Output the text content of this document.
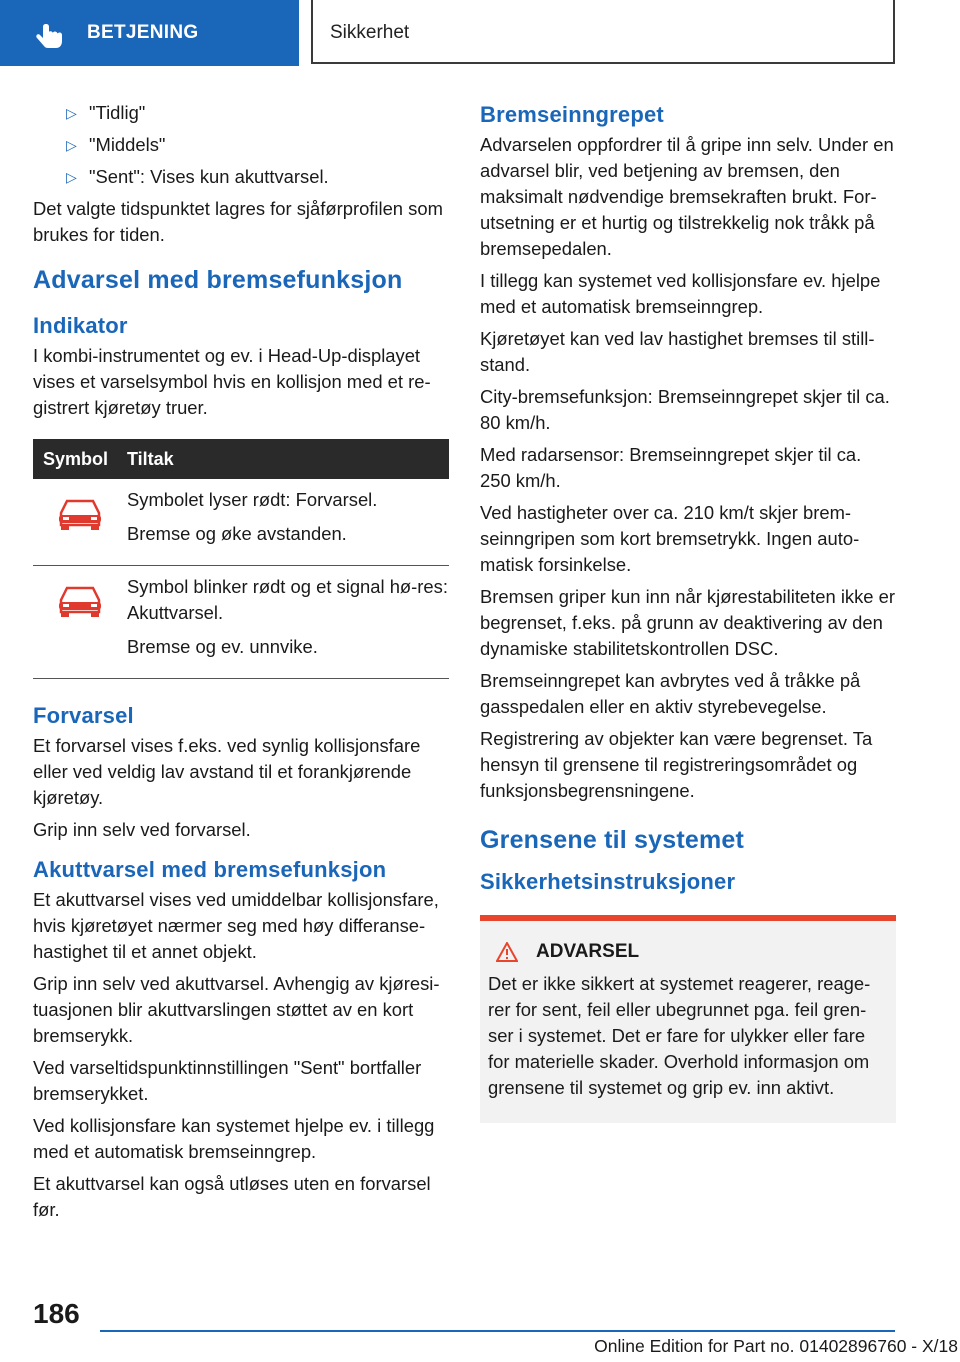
BETJENING	Sikkerhet
▷ "Tidlig"
▷ "Middels"
▷ "Sent": Vises kun akuttvarsel.

Det valgte tidspunktet lagres for sjåførprofilen som brukes for tiden.

Advarsel med bremsefunksjon
Indikator

I kombi-instrumentet og ev. i Head-Up-displayet vises et varselsymbol hvis en kollisjon med et re-gistrert kjøretøy truer.

Symbol	Tiltak

Symbolet lyser rødt: Forvarsel.

Bremse og øke avstanden.

Symbol blinker rødt og et signal hø-res: Akuttvarsel.

Bremse og ev. unnvike.

Forvarsel

Et forvarsel vises f.eks. ved synlig kollisjonsfare eller ved veldig lav avstand til et forankjørende kjøretøy.

Grip inn selv ved forvarsel.

Akuttvarsel med bremsefunksjon

Et akuttvarsel vises ved umiddelbar kollisjonsfare, hvis kjøretøyet nærmer seg med høy differanse-hastighet til et annet objekt.

Grip inn selv ved akuttvarsel. Avhengig av kjøresi-tuasjonen blir akuttvarslingen støttet av en kort bremserykk.

Ved varseltidspunktinnstillingen "Sent" bortfaller bremserykket.

Ved kollisjonsfare kan systemet hjelpe ev. i tillegg med et automatisk bremseinngrep.

Et akuttvarsel kan også utløses uten en forvarsel før.

Bremseinngrepet

Advarselen oppfordrer til å gripe inn selv. Under en advarsel blir, ved betjening av bremsen, den maksimalt nødvendige bremsekraften brukt. For-utsetning er et hurtig og tilstrekkelig nok tråkk på bremsepedalen.

I tillegg kan systemet ved kollisjonsfare ev. hjelpe med et automatisk bremseinngrep.

Kjøretøyet kan ved lav hastighet bremses til still-stand.

City-bremsefunksjon: Bremseinngrepet skjer til ca. 80 km/h.

Med radarsensor: Bremseinngrepet skjer til ca. 250 km/h.

Ved hastigheter over ca. 210 km/t skjer brem-seinngripen som kort bremsetrykk. Ingen auto-matisk forsinkelse.

Bremsen griper kun inn når kjørestabiliteten ikke er begrenset, f.eks. på grunn av deaktivering av den dynamiske stabilitetskontrollen DSC.

Bremseinngrepet kan avbrytes ved å tråkke på gasspedalen eller en aktiv styrebevegelse.

Registrering av objekter kan være begrenset. Ta hensyn til grensene til registreringsområdet og funksjonsbegrensningene.

Grensene til systemet
Sikkerhetsinstruksjoner
ADVARSEL

Det er ikke sikkert at systemet reagerer, reage-rer for sent, feil eller ubegrunnet pga. feil gren-ser i systemet. Det er fare for ulykker eller fare for materielle skader. Overhold informasjon om grensene til systemet og grip ev. inn aktivt.

186
Online Edition for Part no. 01402896760 - X/18
